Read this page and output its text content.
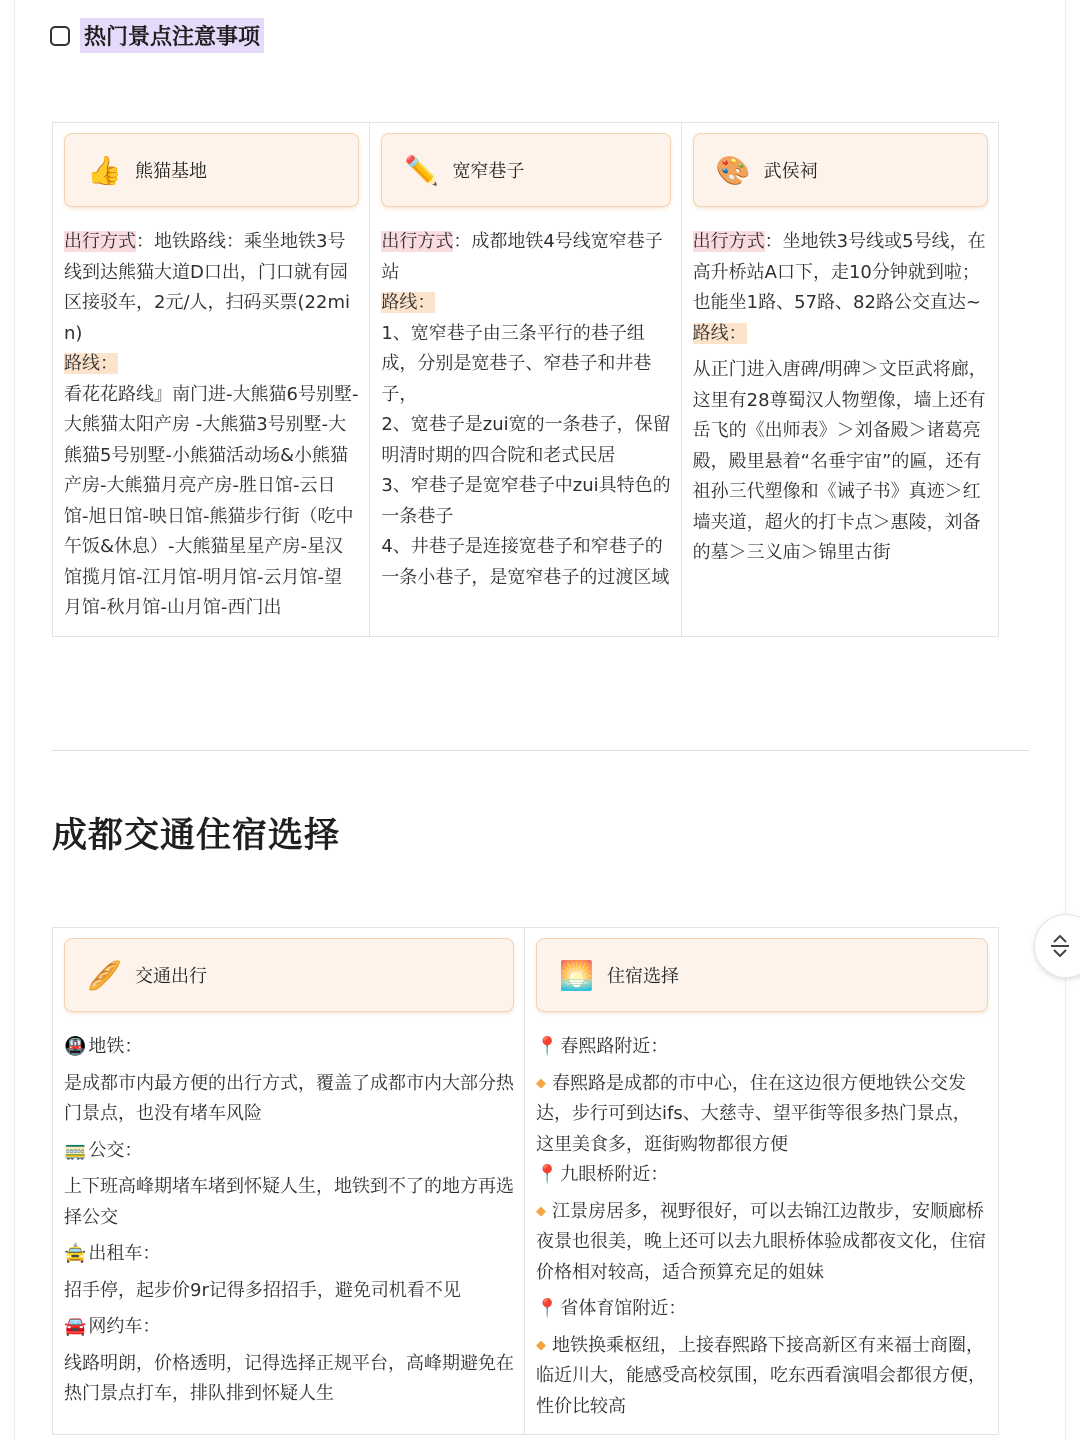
热门景点注意事项
👍 熊猫基地
出行方式：地铁路线：乘坐地铁3号线到达熊猫大道D口出，门口就有园区接驳车，2元/人，扫码买票(22min)
路线：
看花花路线』南门进-大熊猫6号别墅-大熊猫太阳产房 -大熊猫3号别墅-大熊猫5号别墅-小熊猫活动场&小熊猫产房-大熊猫月亮产房-胜日馆-云日馆-旭日馆-映日馆-熊猫步行街（吃中午饭&休息）-大熊猫星星产房-星汉馆揽月馆-江月馆-明月馆-云月馆-望月馆-秋月馆-山月馆-西门出
✏️ 宽窄巷子
出行方式：成都地铁4号线宽窄巷子站
路线：

1、宽窄巷子由三条平行的巷子组成，分别是宽巷子、窄巷子和井巷子，
2、宽巷子是zui宽的一条巷子，保留明清时期的四合院和老式民居
3、窄巷子是宽窄巷子中zui具特色的一条巷子
4、井巷子是连接宽巷子和窄巷子的一条小巷子，是宽窄巷子的过渡区域
🎨 武侯祠
出行方式：坐地铁3号线或5号线，在高升桥站A口下，走10分钟就到啦；也能坐1路、57路、82路公交直达~
路线：
从正门进入唐碑/明碑＞文臣武将廊，这里有28尊蜀汉人物塑像，墙上还有岳飞的《出师表》＞刘备殿＞诸葛亮殿，殿里悬着“名垂宇宙”的匾，还有祖孙三代塑像和《诫子书》真迹＞红墙夹道，超火的打卡点＞惠陵，刘备的墓＞三义庙＞锦里古街
成都交通住宿选择
🥖 交通出行
🚇 地铁：
是成都市内最方便的出行方式，覆盖了成都市内大部分热门景点，也没有堵车风险
🚃 公交：
上下班高峰期堵车堵到怀疑人生，地铁到不了的地方再选择公交
🚖 出租车：
招手停，起步价9r记得多招招手，避免司机看不见
🚘 网约车：
线路明朗，价格透明，记得选择正规平台，高峰期避免在热门景点打车，排队排到怀疑人生
🌅 住宿选择
📍 春熙路附近：
◆ 春熙路是成都的市中心，住在这边很方便地铁公交发达，步行可到达ifs、大慈寺、望平街等很多热门景点，这里美食多，逛街购物都很方便
📍 九眼桥附近：
◆ 江景房居多，视野很好，可以去锦江边散步，安顺廊桥夜景也很美，晚上还可以去九眼桥体验成都夜文化，住宿价格相对较高，适合预算充足的姐妹
📍 省体育馆附近：
◆ 地铁换乘枢纽，上接春熙路下接高新区有来福士商圈，临近川大，能感受高校氛围，吃东西看演唱会都很方便，性价比较高
